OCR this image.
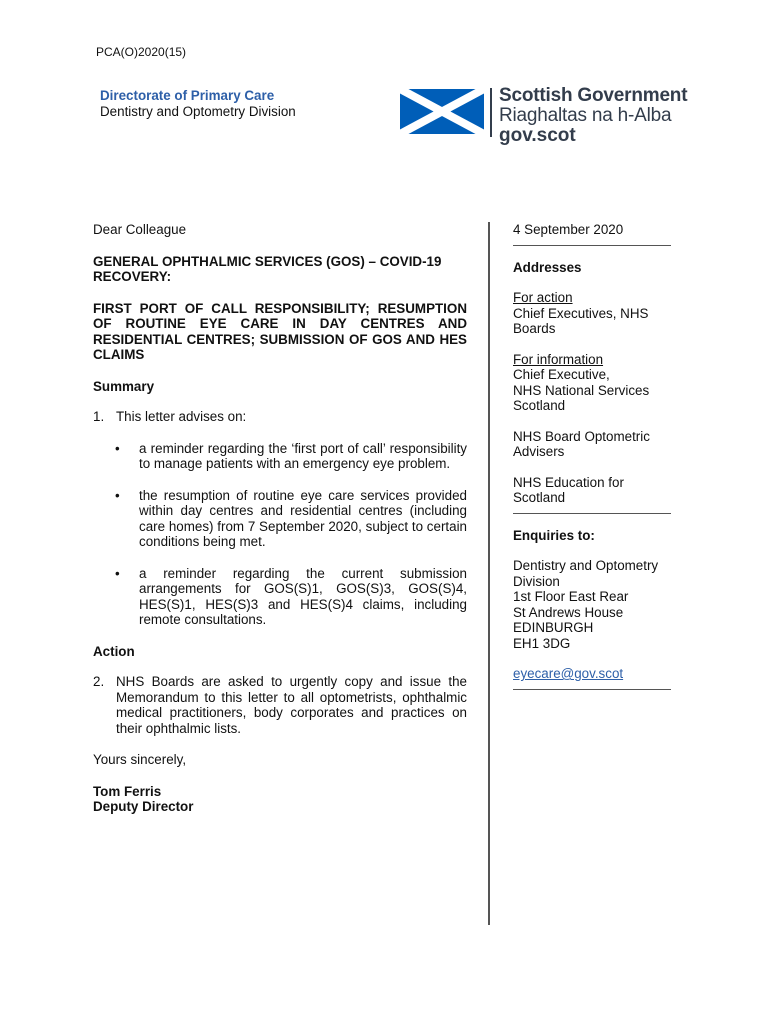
PCA(O)2020(15)
Directorate of Primary Care
Dentistry and Optometry Division
Scottish Government
Riaghaltas na h-Alba
gov.scot

Dear Colleague

GENERAL OPHTHALMIC SERVICES (GOS) – COVID-19 RECOVERY:

FIRST PORT OF CALL RESPONSIBILITY; RESUMPTION OF ROUTINE EYE CARE IN DAY CENTRES AND RESIDENTIAL CENTRES; SUBMISSION OF GOS AND HES CLAIMS

Summary

1. This letter advises on:
•	a reminder regarding the ‘first port of call’ responsibility to manage patients with an emergency eye problem.
•	the resumption of routine eye care services provided within day centres and residential centres (including care homes) from 7 September 2020, subject to certain conditions being met.
•	a reminder regarding the current submission arrangements for GOS(S)1, GOS(S)3, GOS(S)4, HES(S)1, HES(S)3 and HES(S)4 claims, including remote consultations.

Action

2. NHS Boards are asked to urgently copy and issue the Memorandum to this letter to all optometrists, ophthalmic medical practitioners, body corporates and practices on their ophthalmic lists.

Yours sincerely,

Tom Ferris

Deputy Director

4 September 2020

Addresses

For action

Chief Executives, NHS Boards

For information

Chief Executive,

NHS National Services

Scotland

NHS Board Optometric

Advisers

NHS Education for

Scotland

Enquiries to:

Dentistry and Optometry

Division

1st Floor East Rear

St Andrews House

EDINBURGH

EH1 3DG

eyecare@gov.scot
